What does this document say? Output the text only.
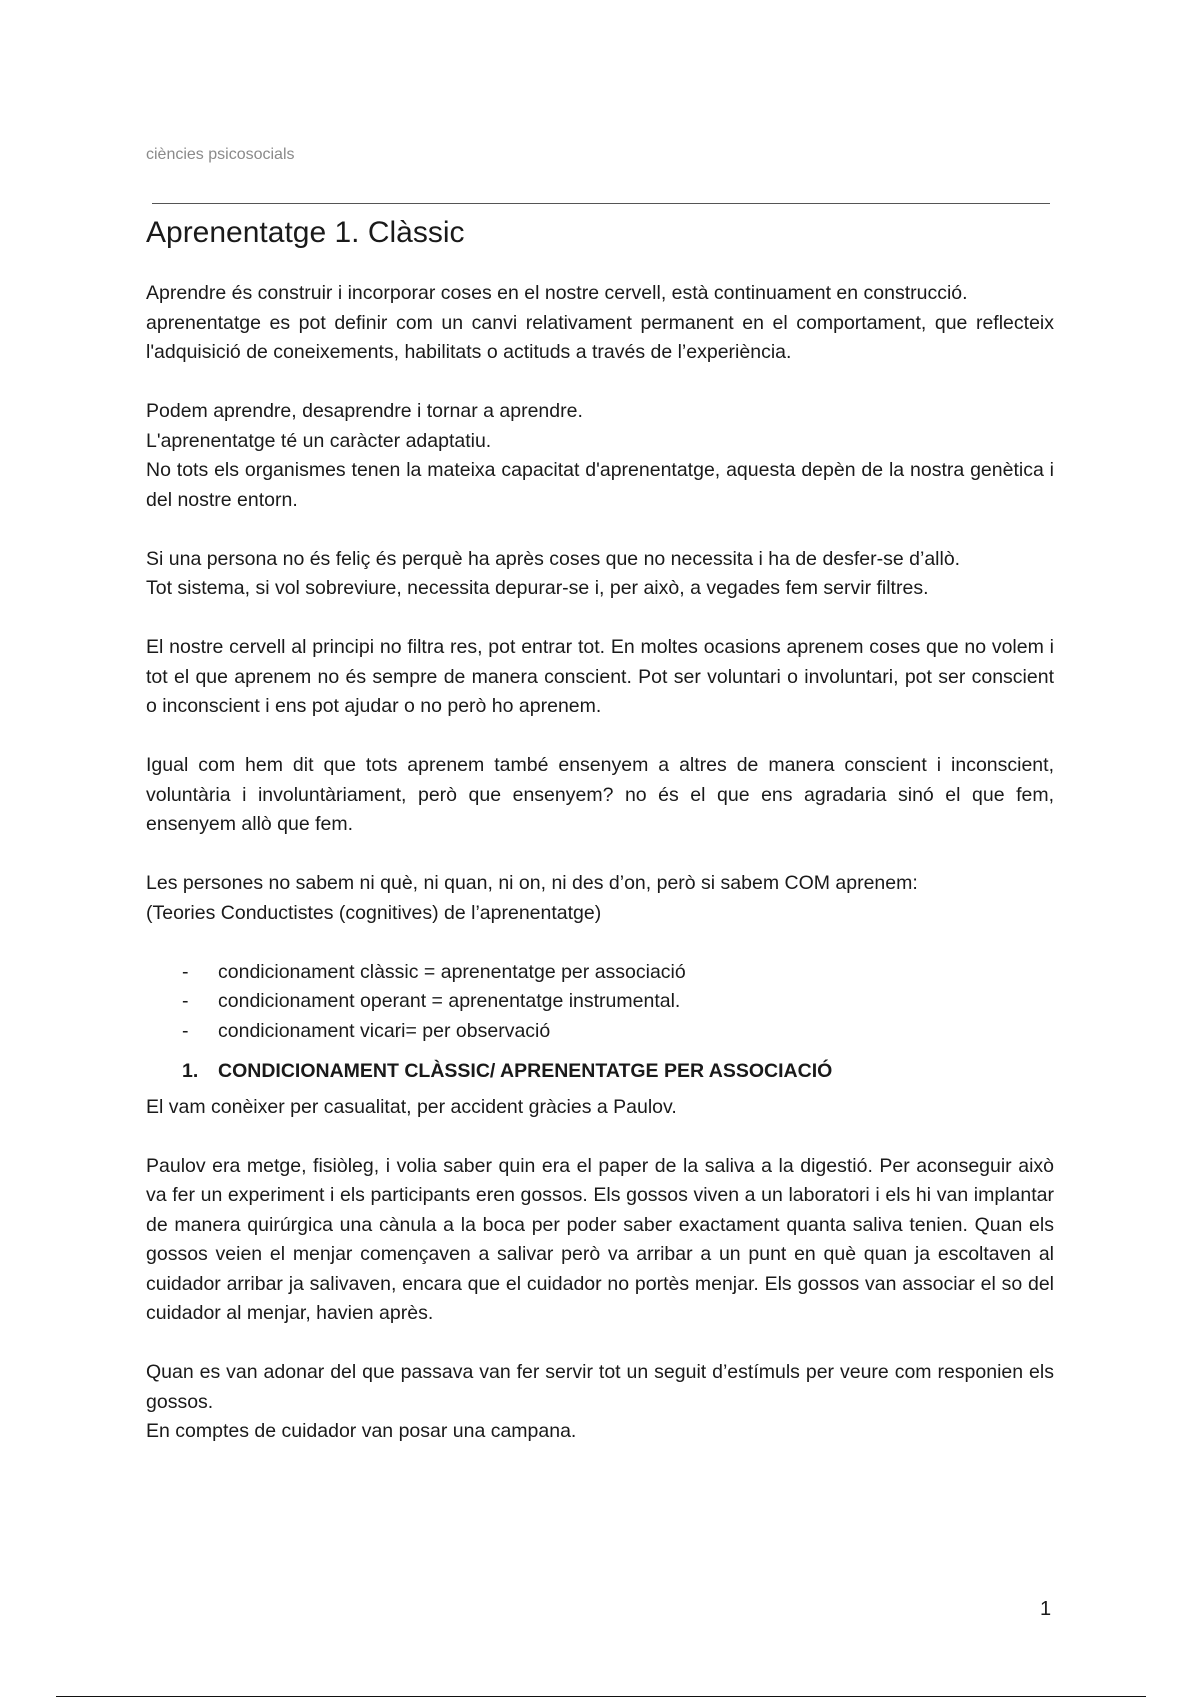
ciències psicosocials
Aprenentatge 1. Clàssic

Aprendre és construir i incorporar coses en el nostre cervell, està continuament en construcció.

aprenentatge es pot definir com un canvi relativament permanent en el comportament, que reflecteix l'adquisició de coneixements, habilitats o actituds a través de l’experiència.

Podem aprendre, desaprendre i tornar a aprendre.

L'aprenentatge té un caràcter adaptatiu.

No tots els organismes tenen la mateixa capacitat d'aprenentatge, aquesta depèn de la nostra genètica i del nostre entorn.

Si una persona no és feliç és perquè ha après coses que no necessita i ha de desfer-se d’allò.

Tot sistema, si vol sobreviure, necessita depurar-se i, per això, a vegades fem servir filtres.

El nostre cervell al principi no filtra res, pot entrar tot. En moltes ocasions aprenem coses que no volem i tot el que aprenem no és sempre de manera conscient. Pot ser voluntari o involuntari, pot ser conscient o inconscient i ens pot ajudar o no però ho aprenem.

Igual com hem dit que tots aprenem també ensenyem a altres de manera conscient i inconscient, voluntària i involuntàriament, però que ensenyem? no és el que ens agradaria sinó el que fem, ensenyem allò que fem.

Les persones no sabem ni què, ni quan, ni on, ni des d’on, però si sabem COM aprenem:

(Teories Conductistes (cognitives) de l’aprenentatge)

- condicionament clàssic = aprenentatge per associació
- condicionament operant = aprenentatge instrumental.
- condicionament vicari= per observació
1. CONDICIONAMENT CLÀSSIC/ APRENENTATGE PER ASSOCIACIÓ

El vam conèixer per casualitat, per accident gràcies a Paulov.

Paulov era metge, fisiòleg, i volia saber quin era el paper de la saliva a la digestió. Per aconseguir això va fer un experiment i els participants eren gossos. Els gossos viven a un laboratori i els hi van implantar de manera quirúrgica una cànula a la boca per poder saber exactament quanta saliva tenien. Quan els gossos veien el menjar començaven a salivar però va arribar a un punt en què quan ja escoltaven al cuidador arribar ja salivaven, encara que el cuidador no portès menjar. Els gossos van associar el so del cuidador al menjar, havien après.

Quan es van adonar del que passava van fer servir tot un seguit d’estímuls per veure com responien els gossos.

En comptes de cuidador van posar una campana.

1
